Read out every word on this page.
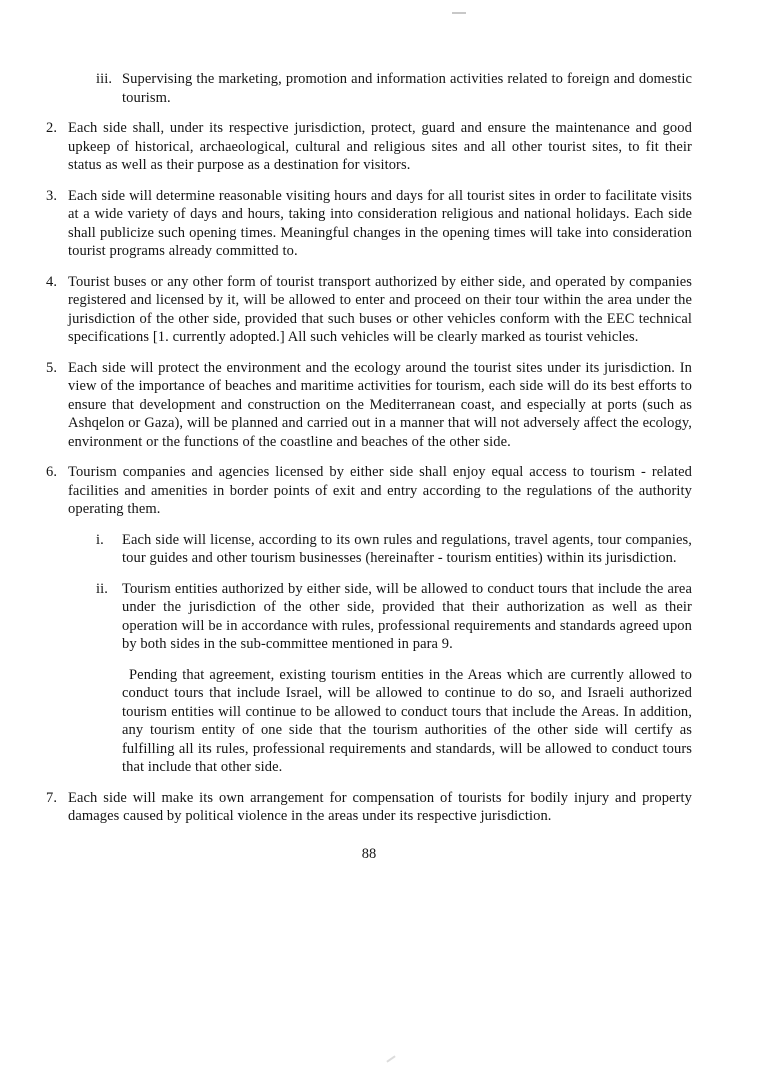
iii. Supervising the marketing, promotion and information activities related to foreign and domestic tourism.
2. Each side shall, under its respective jurisdiction, protect, guard and ensure the maintenance and good upkeep of historical, archaeological, cultural and religious sites and all other tourist sites, to fit their status as well as their purpose as a destination for visitors.
3. Each side will determine reasonable visiting hours and days for all tourist sites in order to facilitate visits at a wide variety of days and hours, taking into consideration religious and national holidays. Each side shall publicize such opening times. Meaningful changes in the opening times will take into consideration tourist programs already committed to.
4. Tourist buses or any other form of tourist transport authorized by either side, and operated by companies registered and licensed by it, will be allowed to enter and proceed on their tour within the area under the jurisdiction of the other side, provided that such buses or other vehicles conform with the EEC technical specifications [1. currently adopted.] All such vehicles will be clearly marked as tourist vehicles.
5. Each side will protect the environment and the ecology around the tourist sites under its jurisdiction. In view of the importance of beaches and maritime activities for tourism, each side will do its best efforts to ensure that development and construction on the Mediterranean coast, and especially at ports (such as Ashqelon or Gaza), will be planned and carried out in a manner that will not adversely affect the ecology, environment or the functions of the coastline and beaches of the other side.
6. Tourism companies and agencies licensed by either side shall enjoy equal access to tourism - related facilities and amenities in border points of exit and entry according to the regulations of the authority operating them.
i.	Each side will license, according to its own rules and regulations, travel agents, tour companies, tour guides and other tourism businesses (hereinafter - tourism entities) within its jurisdiction.
ii. Tourism entities authorized by either side, will be allowed to conduct tours that include the area under the jurisdiction of the other side, provided that their authorization as well as their operation will be in accordance with rules, professional requirements and standards agreed upon by both sides in the sub-committee mentioned in para 9.
Pending that agreement, existing tourism entities in the Areas which are currently allowed to conduct tours that include Israel, will be allowed to continue to do so, and Israeli authorized tourism entities will continue to be allowed to conduct tours that include the Areas. In addition, any tourism entity of one side that the tourism authorities of the other side will certify as fulfilling all its rules, professional requirements and standards, will be allowed to conduct tours that include that other side.
7. Each side will make its own arrangement for compensation of tourists for bodily injury and property damages caused by political violence in the areas under its respective jurisdiction.
88
